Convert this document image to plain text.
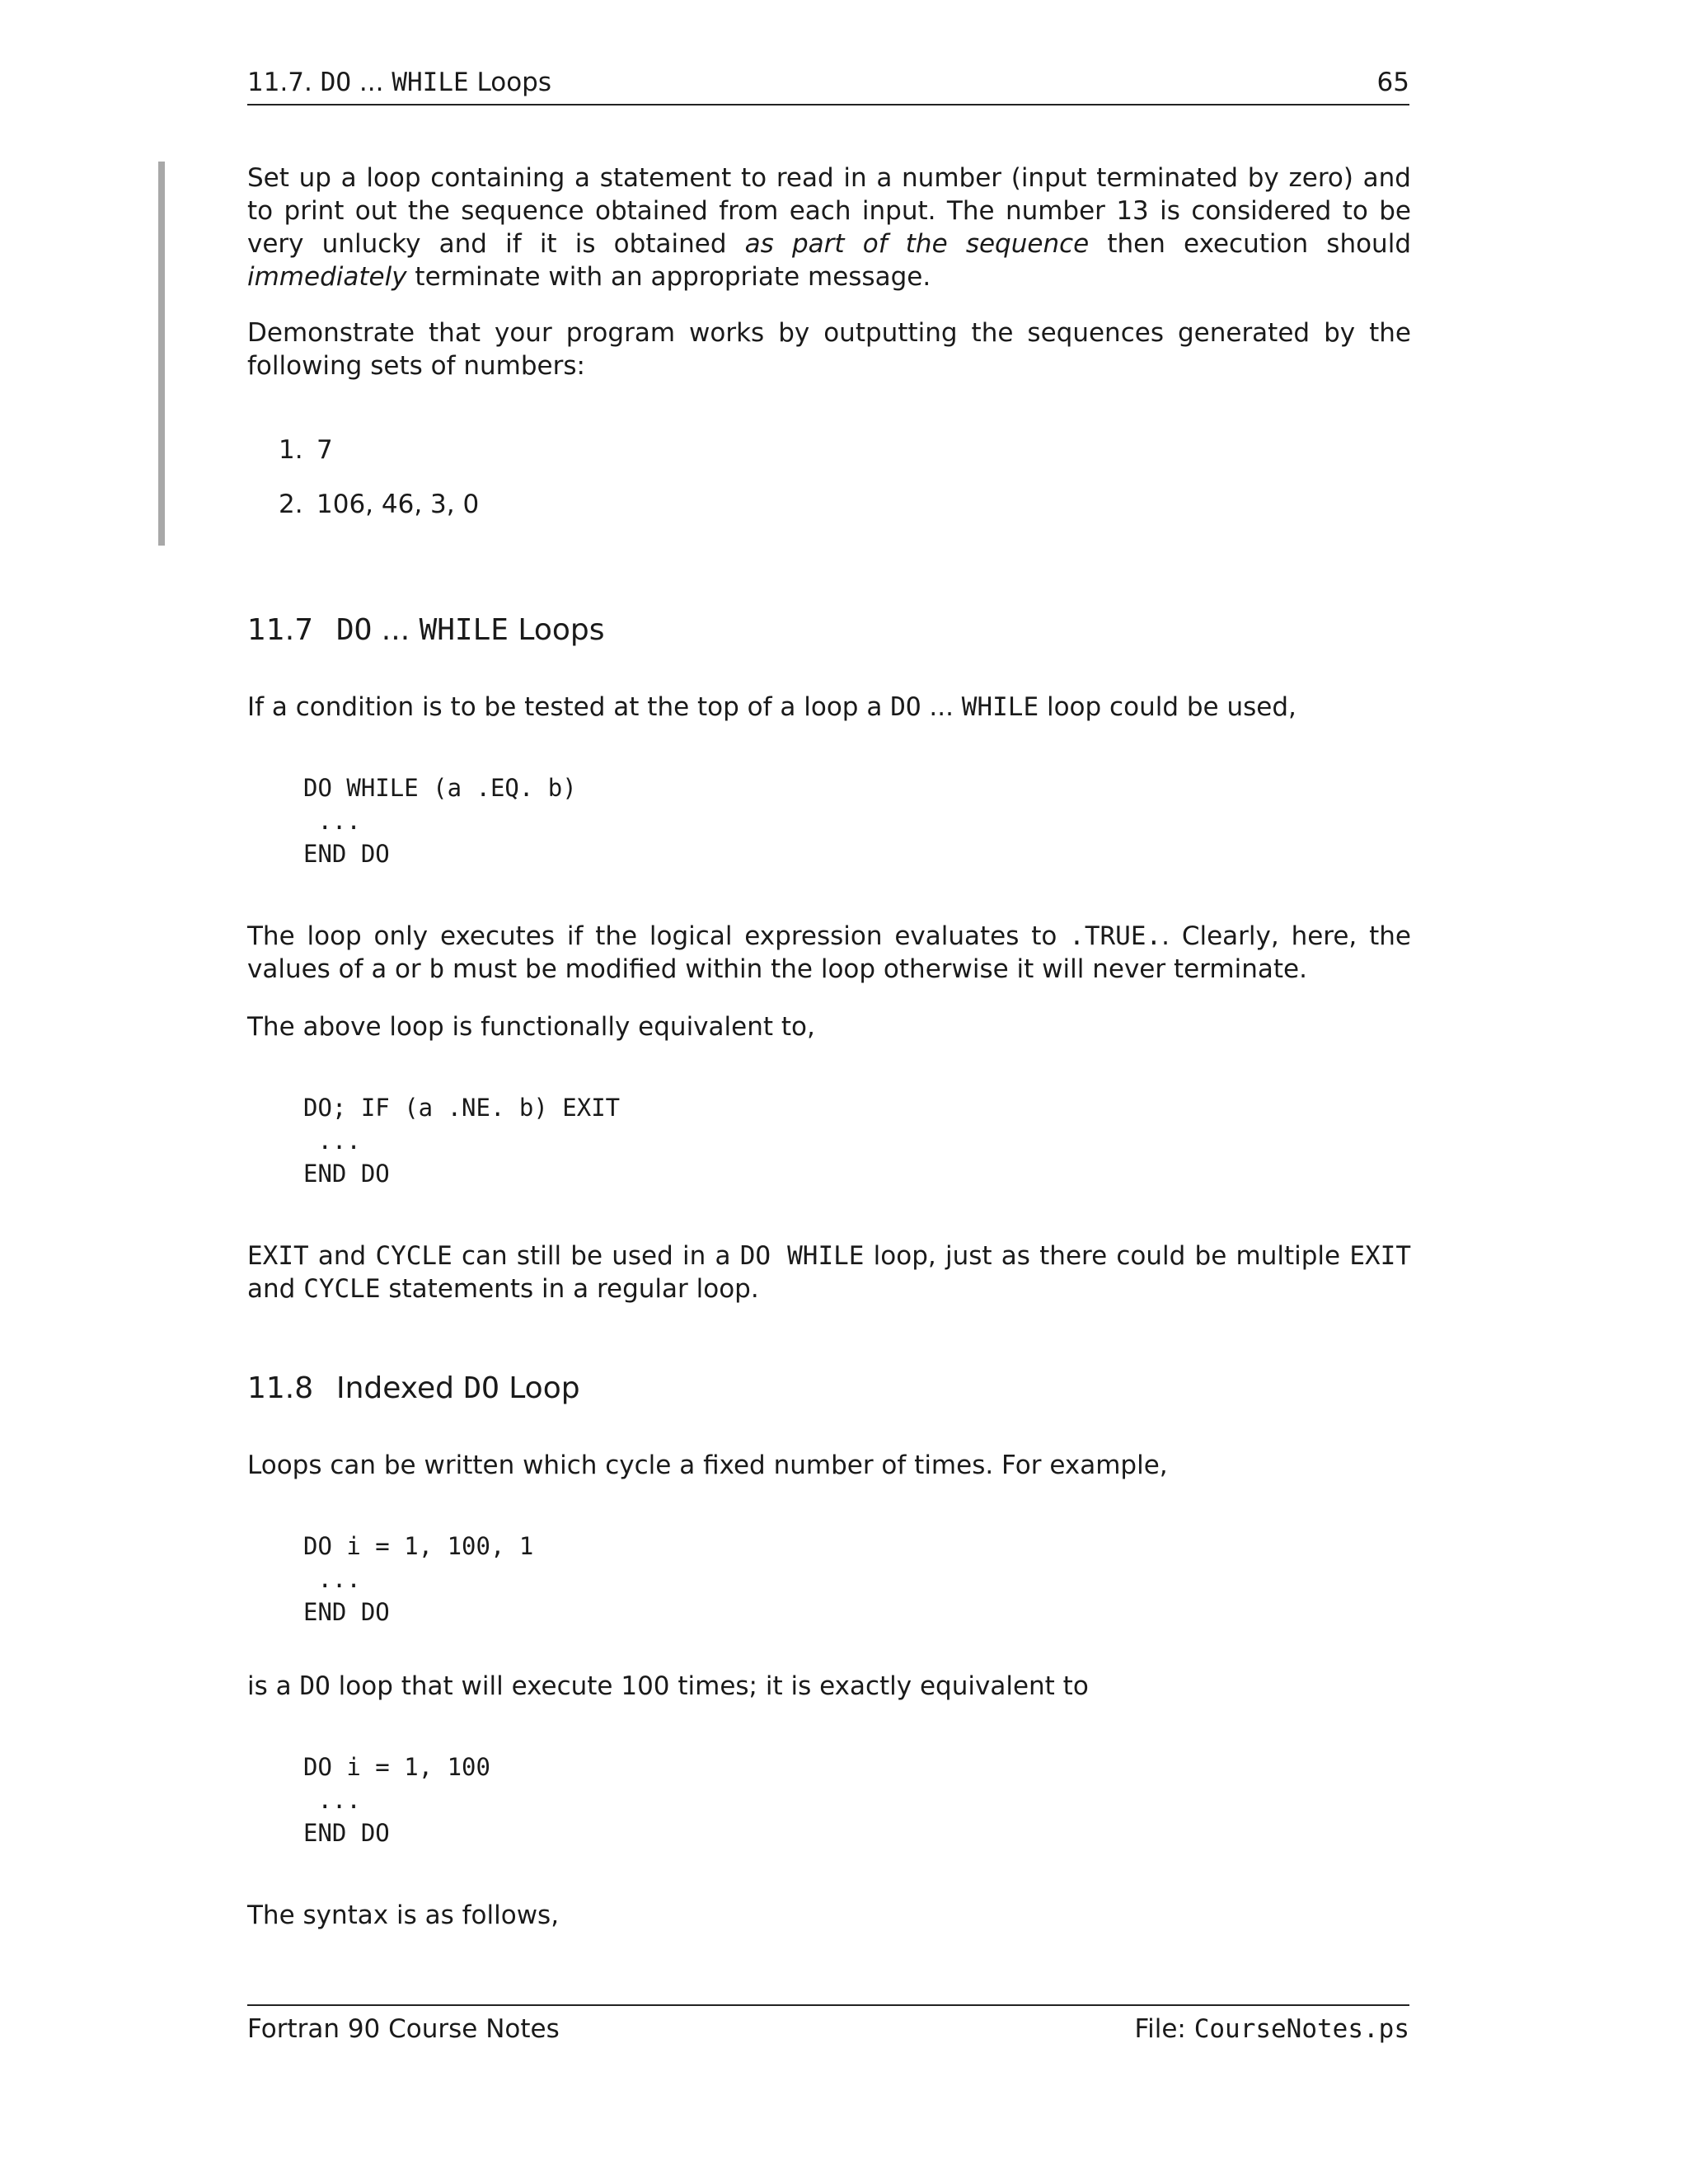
11.7. DO ... WHILE Loops	65

Set up a loop containing a statement to read in a number (input terminated by zero) and to print out the sequence obtained from each input. The number 13 is considered to be very unlucky and if it is obtained as part of the sequence then execution should immediately terminate with an appropriate message.

Demonstrate that your program works by outputting the sequences generated by the following sets of numbers:

1. 7
2. 106, 46, 3, 0
11.7 DO ... WHILE Loops

If a condition is to be tested at the top of a loop a DO ... WHILE loop could be used,

DO WHILE (a .EQ. b)
...
END DO

The loop only executes if the logical expression evaluates to .TRUE.. Clearly, here, the values of a or b must be modified within the loop otherwise it will never terminate.

The above loop is functionally equivalent to,

DO; IF (a .NE. b) EXIT
...
END DO

EXIT and CYCLE can still be used in a DO WHILE loop, just as there could be multiple EXIT and CYCLE statements in a regular loop.

11.8 Indexed DO Loop

Loops can be written which cycle a fixed number of times. For example,

DO i = 1, 100, 1
...
END DO

is a DO loop that will execute 100 times; it is exactly equivalent to

DO i = 1, 100
...
END DO

The syntax is as follows,

Fortran 90 Course Notes	File: CourseNotes.ps
